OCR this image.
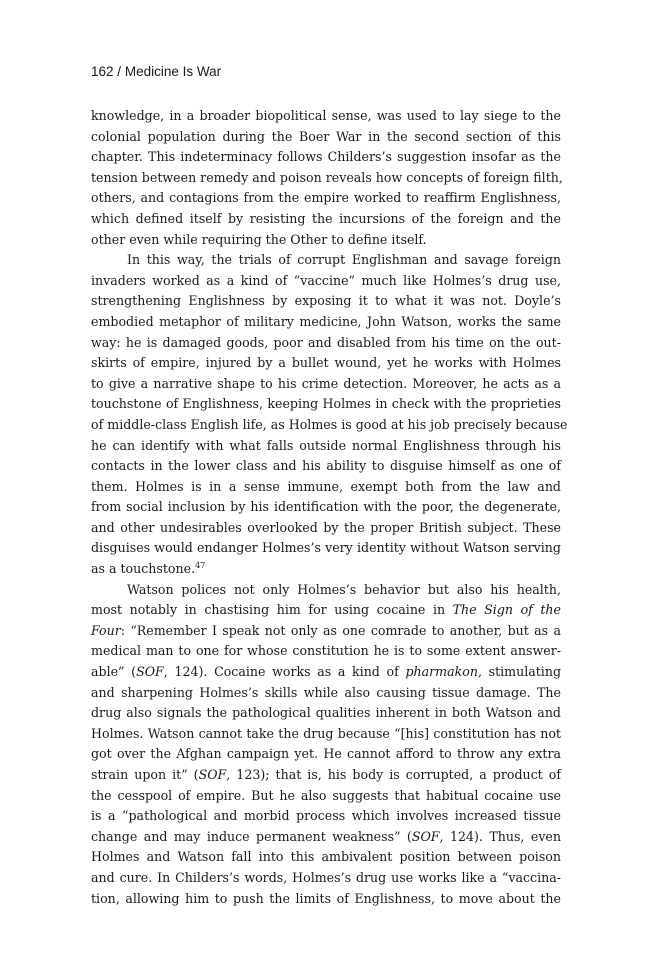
162 / Medicine Is War
knowledge, in a broader biopolitical sense, was used to lay siege to the
colonial population during the Boer War in the second section of this
chapter. This indeterminacy follows Childers’s suggestion insofar as the
tension between remedy and poison reveals how concepts of foreign filth,
others, and contagions from the empire worked to reaffirm Englishness,
which defined itself by resisting the incursions of the foreign and the
other even while requiring the Other to define itself.
In this way, the trials of corrupt Englishman and savage foreign
invaders worked as a kind of “vaccine” much like Holmes’s drug use,
strengthening Englishness by exposing it to what it was not. Doyle’s
embodied metaphor of military medicine, John Watson, works the same
way: he is damaged goods, poor and disabled from his time on the out-
skirts of empire, injured by a bullet wound, yet he works with Holmes
to give a narrative shape to his crime detection. Moreover, he acts as a
touchstone of Englishness, keeping Holmes in check with the proprieties
of middle-class English life, as Holmes is good at his job precisely because
he can identify with what falls outside normal Englishness through his
contacts in the lower class and his ability to disguise himself as one of
them. Holmes is in a sense immune, exempt both from the law and
from social inclusion by his identification with the poor, the degenerate,
and other undesirables overlooked by the proper British subject. These
disguises would endanger Holmes’s very identity without Watson serving
as a touchstone.$^{47}$
Watson polices not only Holmes’s behavior but also his health,
most notably in chastising him for using cocaine in The Sign of the
Four: “Remember I speak not only as one comrade to another, but as a
medical man to one for whose constitution he is to some extent answer-
able” (SOF, 124). Cocaine works as a kind of pharmakon, stimulating
and sharpening Holmes’s skills while also causing tissue damage. The
drug also signals the pathological qualities inherent in both Watson and
Holmes. Watson cannot take the drug because “[his] constitution has not
got over the Afghan campaign yet. He cannot afford to throw any extra
strain upon it” (SOF, 123); that is, his body is corrupted, a product of
the cesspool of empire. But he also suggests that habitual cocaine use
is a “pathological and morbid process which involves increased tissue
change and may induce permanent weakness” (SOF, 124). Thus, even
Holmes and Watson fall into this ambivalent position between poison
and cure. In Childers’s words, Holmes’s drug use works like a “vaccina-
tion, allowing him to push the limits of Englishness, to move about the
